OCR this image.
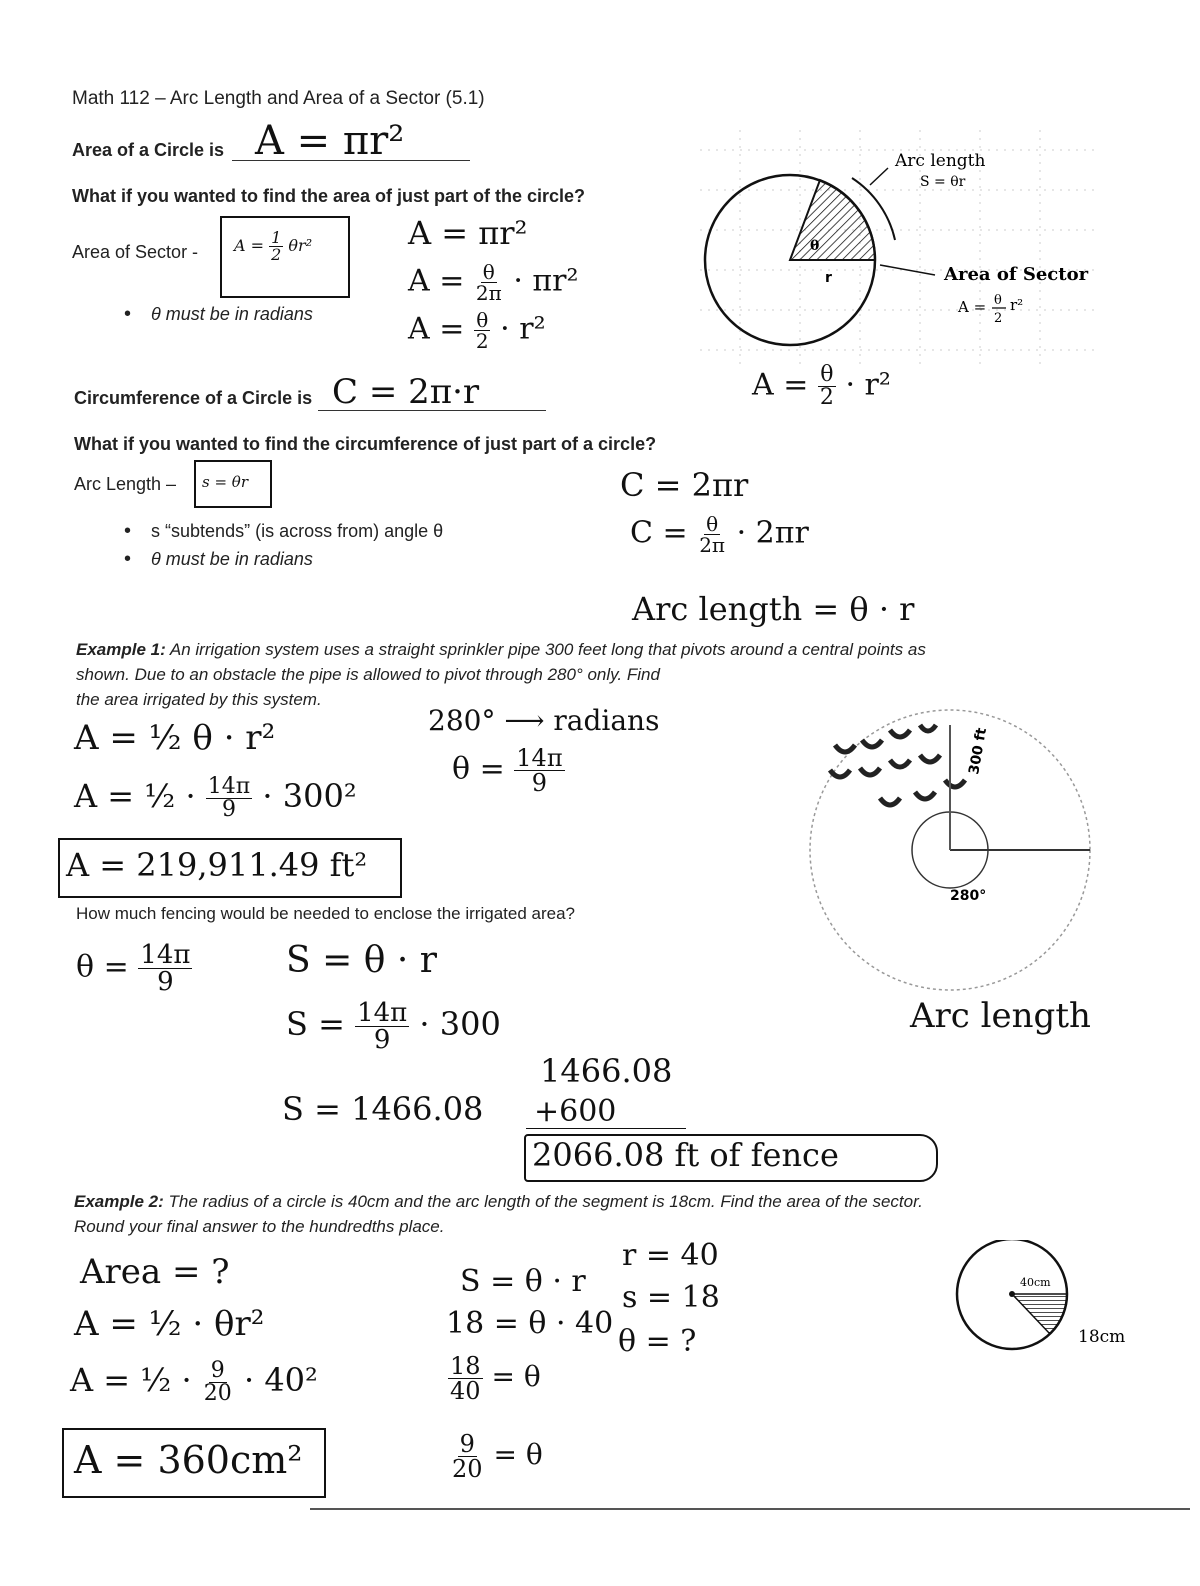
Math 112 – Arc Length and Area of a Sector (5.1)
Area of a Circle is A = πr²
What if you wanted to find the area of just part of the circle?
Area of Sector - $A = \frac{1}{2} \theta r^2$
• θ must be in radians
A = πr²
$A = \frac{\theta}{2\pi} \cdot \pi r^2$
$A = \frac{\theta}{2} \cdot r^2$
θ
r
Arc length
S = θr
Area of Sector
A = θ
2
r²
$A = \frac{\theta}{2} \cdot r^2$
Circumference of a Circle is C = 2π·r
What if you wanted to find the circumference of just part of a circle?
Arc Length – s = θr
• s “subtends” (is across from) angle θ
• θ must be in radians
C = 2πr
$C = \frac{\theta}{2\pi} \cdot 2\pi r$
Arc length = θ · r
Example 1: An irrigation system uses a straight sprinkler pipe 300 feet long that pivots around a central points as
shown. Due to an obstacle the pipe is allowed to pivot through 280° only. Find
the area irrigated by this system.
A = ½ θ · r²
A = ½ · $\frac{14\pi}{9} \cdot 300^2$
A = 219,911.49 ft²
280° ⟶ radians
$\theta = \frac{14\pi}{9}$	300 ft
280°
Arc length
How much fencing would be needed to enclose the irrigated area?
$\theta = \frac{14\pi}{9}$	S = θ · r
$S = \frac{14\pi}{9} \cdot 300$
S = 1466.08
1466.08
+600
2066.08 ft of fence
Example 2: The radius of a circle is 40cm and the arc length of the segment is 18cm. Find the area of the sector.
Round your final answer to the hundredths place.
Area = ?
A = ½ · θr²
A = ½ · $\frac{9}{20} \cdot 40^2$
A = 360cm²
S = θ · r
18 = θ · 40
$\frac{18}{40} = \theta$
$\frac{9}{20} = \theta$
r = 40
s = 18
θ = ?
40cm
18cm
